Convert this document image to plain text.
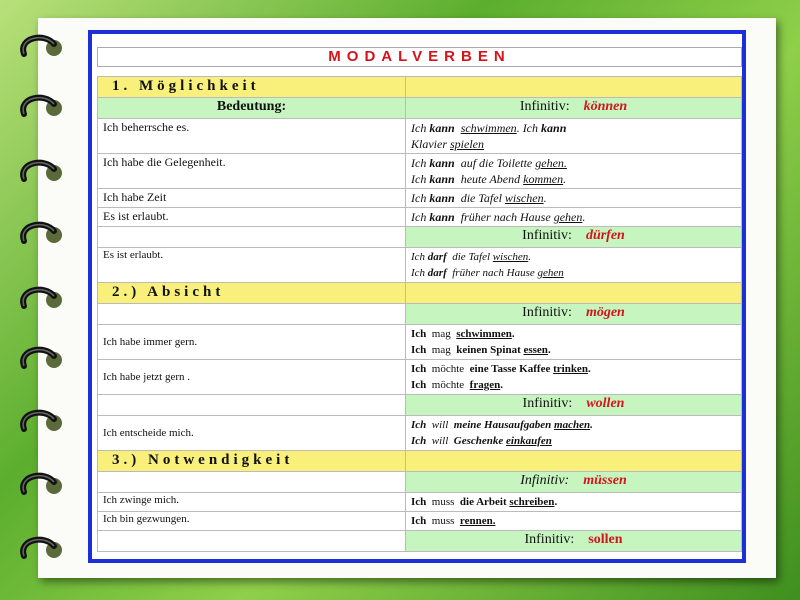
MODALVERBEN
1. Möglichkeit	
Bedeutung:	Infinitiv: können
Ich beherrsche es.	Ich kann schwimmen. Ich kann
Klavier spielen

Ich habe die Gelegenheit.	Ich kann  auf die Toilette gehen.
Ich kann  heute Abend kommen.

Ich habe Zeit	Ich kann  die Tafel wischen.

Es ist erlaubt.	Ich kann  früher nach Hause gehen.

	Infinitiv: dürfen
Es ist erlaubt.	Ich darf  die Tafel wischen.
Ich darf  früher nach Hause gehen

2.) Absicht	
	Infinitiv: mögen
Ich habe immer gern.	Ich  mag  schwimmen.
Ich  mag  keinen Spinat essen.

Ich habe jetzt gern .	Ich  möchte  eine Tasse Kaffee trinken.
Ich  möchte  fragen.

	Infinitiv: wollen
Ich entscheide mich.	Ich  will  meine Hausaufgaben machen.
Ich  will  Geschenke einkaufen

3.) Notwendigkeit	
	Infinitiv: müssen
Ich zwinge mich.	Ich  muss  die Arbeit schreiben.

Ich bin gezwungen.	Ich  muss  rennen.

	Infinitiv: sollen
